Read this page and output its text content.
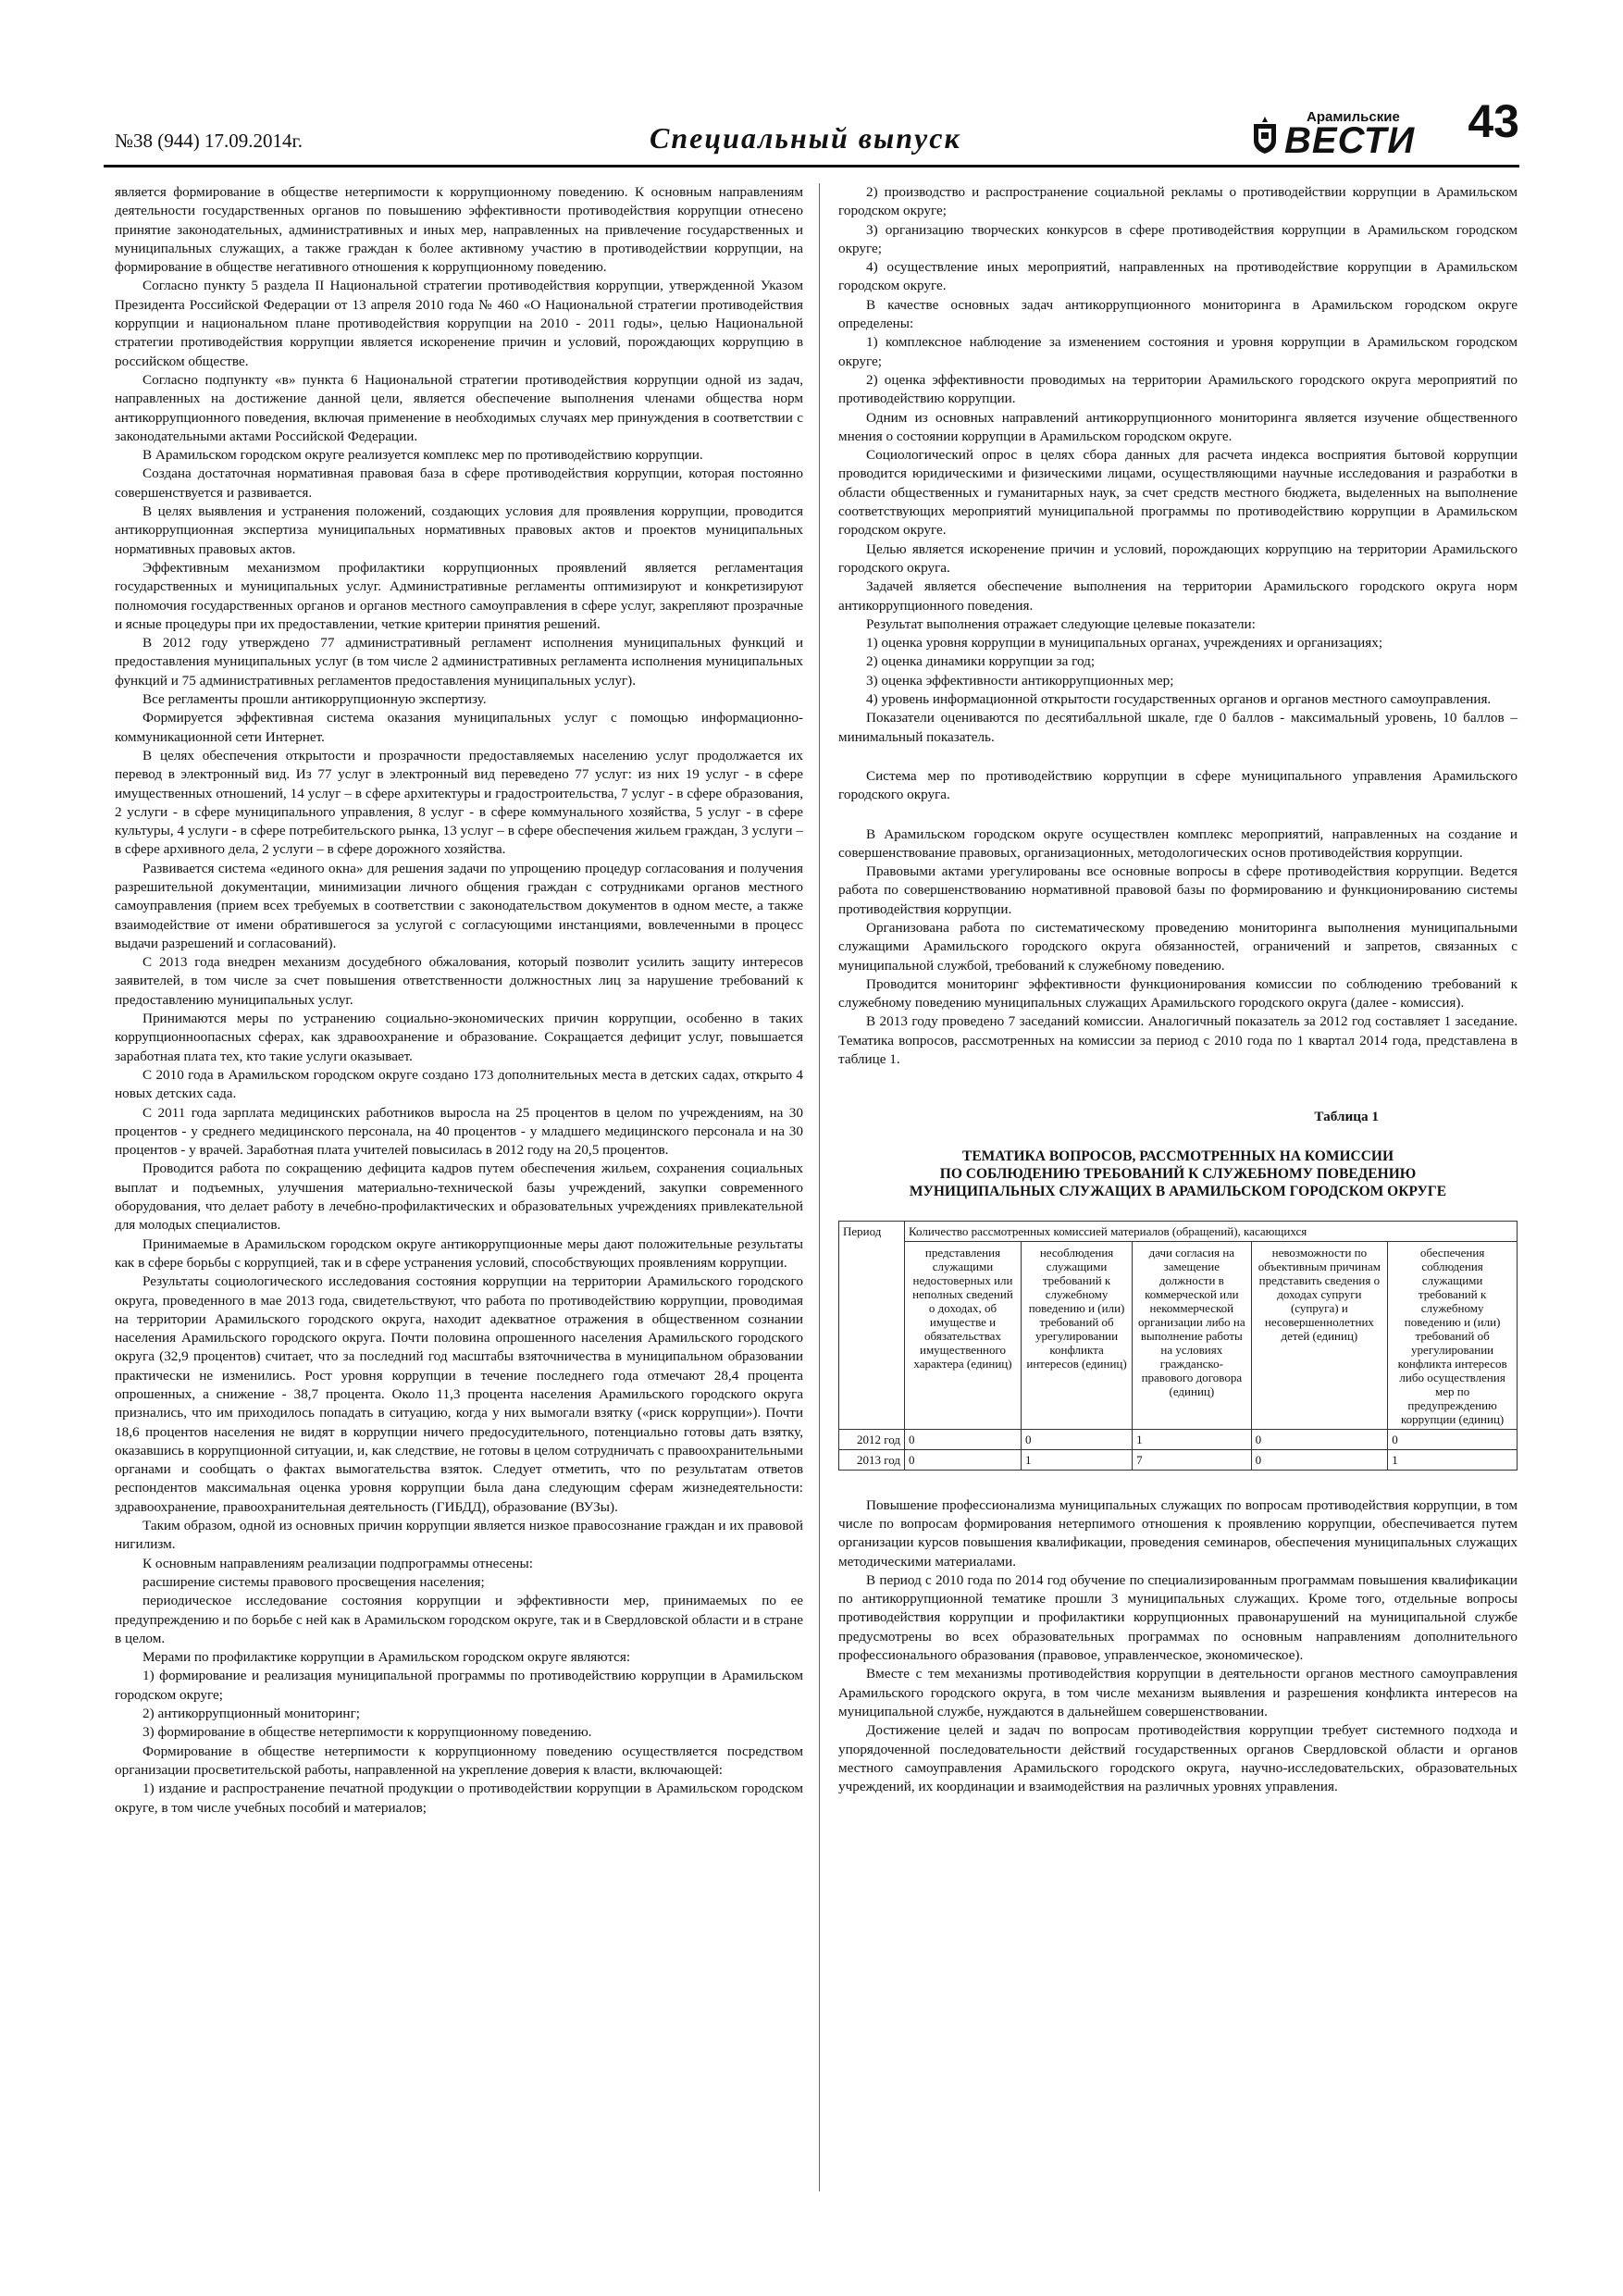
№38 (944) 17.09.2014г.	Специальный выпуск
Арамильские
ВЕСТИ 43

является формирование в обществе нетерпимости к коррупционному поведению. К основным направлениям деятельности государственных органов по повышению эффективности противодействия коррупции отнесено принятие законодательных, административных и иных мер, направленных на привлечение государственных и муниципальных служащих, а также граждан к более активному участию в противодействии коррупции, на формирование в обществе негативного отношения к коррупционному поведению.

Согласно пункту 5 раздела II Национальной стратегии противодействия коррупции, утвержденной Указом Президента Российской Федерации от 13 апреля 2010 года № 460 «О Национальной стратегии противодействия коррупции и национальном плане противодействия коррупции на 2010 - 2011 годы», целью Национальной стратегии противодействия коррупции является искоренение причин и условий, порождающих коррупцию в российском обществе.

Согласно подпункту «в» пункта 6 Национальной стратегии противодействия коррупции одной из задач, направленных на достижение данной цели, является обеспечение выполнения членами общества норм антикоррупционного поведения, включая применение в необходимых случаях мер принуждения в соответствии с законодательными актами Российской Федерации.

В Арамильском городском округе реализуется комплекс мер по противодействию коррупции.

Создана достаточная нормативная правовая база в сфере противодействия коррупции, которая постоянно совершенствуется и развивается.

В целях выявления и устранения положений, создающих условия для проявления коррупции, проводится антикоррупционная экспертиза муниципальных нормативных правовых актов и проектов муниципальных нормативных правовых актов.

Эффективным механизмом профилактики коррупционных проявлений является регламентация государственных и муниципальных услуг. Административные регламенты оптимизируют и конкретизируют полномочия государственных органов и органов местного самоуправления в сфере услуг, закрепляют прозрачные и ясные процедуры при их предоставлении, четкие критерии принятия решений.

В 2012 году утверждено 77 административный регламент исполнения муниципальных функций и предоставления муниципальных услуг (в том числе 2 административных регламента исполнения муниципальных функций и 75 административных регламентов предоставления муниципальных услуг).

Все регламенты прошли антикоррупционную экспертизу.

Формируется эффективная система оказания муниципальных услуг с помощью информационно-коммуникационной сети Интернет.

В целях обеспечения открытости и прозрачности предоставляемых населению услуг продолжается их перевод в электронный вид. Из 77 услуг в электронный вид переведено 77 услуг: из них 19 услуг - в сфере имущественных отношений, 14 услуг – в сфере архитектуры и градостроительства, 7 услуг - в сфере образования, 2 услуги - в сфере муниципального управления, 8 услуг - в сфере коммунального хозяйства, 5 услуг - в сфере культуры, 4 услуги - в сфере потребительского рынка, 13 услуг – в сфере обеспечения жильем граждан, 3 услуги – в сфере архивного дела, 2 услуги – в сфере дорожного хозяйства.

Развивается система «единого окна» для решения задачи по упрощению процедур согласования и получения разрешительной документации, минимизации личного общения граждан с сотрудниками органов местного самоуправления (прием всех требуемых в соответствии с законодательством документов в одном месте, а также взаимодействие от имени обратившегося за услугой с согласующими инстанциями, вовлеченными в процесс выдачи разрешений и согласований).

С 2013 года внедрен механизм досудебного обжалования, который позволит усилить защиту интересов заявителей, в том числе за счет повышения ответственности должностных лиц за нарушение требований к предоставлению муниципальных услуг.

Принимаются меры по устранению социально-экономических причин коррупции, особенно в таких коррупционноопасных сферах, как здравоохранение и образование. Сокращается дефицит услуг, повышается заработная плата тех, кто такие услуги оказывает.

С 2010 года в Арамильском городском округе создано 173 дополнительных места в детских садах, открыто 4 новых детских сада.

С 2011 года зарплата медицинских работников выросла на 25 процентов в целом по учреждениям, на 30 процентов - у среднего медицинского персонала, на 40 процентов - у младшего медицинского персонала и на 30 процентов - у врачей. Заработная плата учителей повысилась в 2012 году на 20,5 процентов.

Проводится работа по сокращению дефицита кадров путем обеспечения жильем, сохранения социальных выплат и подъемных, улучшения материально-технической базы учреждений, закупки современного оборудования, что делает работу в лечебно-профилактических и образовательных учреждениях привлекательной для молодых специалистов.

Принимаемые в Арамильском городском округе антикоррупционные меры дают положительные результаты как в сфере борьбы с коррупцией, так и в сфере устранения условий, способствующих проявлениям коррупции.

Результаты социологического исследования состояния коррупции на территории Арамильского городского округа, проведенного в мае 2013 года, свидетельствуют, что работа по противодействию коррупции, проводимая на территории Арамильского городского округа, находит адекватное отражения в общественном сознании населения Арамильского городского округа. Почти половина опрошенного населения Арамильского городского округа (32,9 процентов) считает, что за последний год масштабы взяточничества в муниципальном образовании практически не изменились. Рост уровня коррупции в течение последнего года отмечают 28,4 процента опрошенных, а снижение - 38,7 процента. Около 11,3 процента населения Арамильского городского округа признались, что им приходилось попадать в ситуацию, когда у них вымогали взятку («риск коррупции»). Почти 18,6 процентов населения не видят в коррупции ничего предосудительного, потенциально готовы дать взятку, оказавшись в коррупционной ситуации, и, как следствие, не готовы в целом сотрудничать с правоохранительными органами и сообщать о фактах вымогательства взяток. Следует отметить, что по результатам ответов респондентов максимальная оценка уровня коррупции была дана следующим сферам жизнедеятельности: здравоохранение, правоохранительная деятельность (ГИБДД), образование (ВУЗы).

Таким образом, одной из основных причин коррупции является низкое правосознание граждан и их правовой нигилизм.

К основным направлениям реализации подпрограммы отнесены:

расширение системы правового просвещения населения;

периодическое исследование состояния коррупции и эффективности мер, принимаемых по ее предупреждению и по борьбе с ней как в Арамильском городском округе, так и в Свердловской области и в стране в целом.

Мерами по профилактике коррупции в Арамильском городском округе являются:

1) формирование и реализация муниципальной программы по противодействию коррупции в Арамильском городском округе;

2) антикоррупционный мониторинг;

3) формирование в обществе нетерпимости к коррупционному поведению.

Формирование в обществе нетерпимости к коррупционному поведению осуществляется посредством организации просветительской работы, направленной на укрепление доверия к власти, включающей:

1) издание и распространение печатной продукции о противодействии коррупции в Арамильском городском округе, в том числе учебных пособий и материалов;

2) производство и распространение социальной рекламы о противодействии коррупции в Арамильском городском округе;

3) организацию творческих конкурсов в сфере противодействия коррупции в Арамильском городском округе;

4) осуществление иных мероприятий, направленных на противодействие коррупции в Арамильском городском округе.

В качестве основных задач антикоррупционного мониторинга в Арамильском городском округе определены:

1) комплексное наблюдение за изменением состояния и уровня коррупции в Арамильском городском округе;

2) оценка эффективности проводимых на территории Арамильского городского округа мероприятий по противодействию коррупции.

Одним из основных направлений антикоррупционного мониторинга является изучение общественного мнения о состоянии коррупции в Арамильском городском округе.

Социологический опрос в целях сбора данных для расчета индекса восприятия бытовой коррупции проводится юридическими и физическими лицами, осуществляющими научные исследования и разработки в области общественных и гуманитарных наук, за счет средств местного бюджета, выделенных на выполнение соответствующих мероприятий муниципальной программы по противодействию коррупции в Арамильском городском округе.

Целью является искоренение причин и условий, порождающих коррупцию на территории Арамильского городского округа.

Задачей является обеспечение выполнения на территории Арамильского городского округа норм антикоррупционного поведения.

Результат выполнения отражает следующие целевые показатели:

1) оценка уровня коррупции в муниципальных органах, учреждениях и организациях;

2) оценка динамики коррупции за год;

3) оценка эффективности антикоррупционных мер;

4) уровень информационной открытости государственных органов и органов местного самоуправления.

Показатели оцениваются по десятибалльной шкале, где 0 баллов - максимальный уровень, 10 баллов – минимальный показатель.

Система мер по противодействию коррупции в сфере муниципального управления Арамильского городского округа.

В Арамильском городском округе осуществлен комплекс мероприятий, направленных на создание и совершенствование правовых, организационных, методологических основ противодействия коррупции.

Правовыми актами урегулированы все основные вопросы в сфере противодействия коррупции. Ведется работа по совершенствованию нормативной правовой базы по формированию и функционированию системы противодействия коррупции.

Организована работа по систематическому проведению мониторинга выполнения муниципальными служащими Арамильского городского округа обязанностей, ограничений и запретов, связанных с муниципальной службой, требований к служебному поведению.

Проводится мониторинг эффективности функционирования комиссии по соблюдению требований к служебному поведению муниципальных служащих Арамильского городского округа (далее - комиссия).

В 2013 году проведено 7 заседаний комиссии. Аналогичный показатель за 2012 год составляет 1 заседание. Тематика вопросов, рассмотренных на комиссии за период с 2010 года по 1 квартал 2014 года, представлена в таблице 1.

Таблица 1
ТЕМАТИКА ВОПРОСОВ, РАССМОТРЕННЫХ НА КОМИССИИ
ПО СОБЛЮДЕНИЮ ТРЕБОВАНИЙ К СЛУЖЕБНОМУ ПОВЕДЕНИЮ
МУНИЦИПАЛЬНЫХ СЛУЖАЩИХ В АРАМИЛЬСКОМ ГОРОДСКОМ ОКРУГЕ
Период	Количество рассмотренных комиссией материалов (обращений), касающихся				
	представления служащими недостоверных или неполных сведений о доходах, об имуществе и обязательствах имущественного характера (единиц)	несоблюдения служащими требований к служебному поведению и (или) требований об урегулировании конфликта интересов (единиц)	дачи согласия на замещение должности в коммерческой или некоммерческой организации либо на выполнение работы на условиях гражданско-правового договора (единиц)	невозможности по объективным причинам представить сведения о доходах супруги (супруга) и несовершеннолетних детей (единиц)	обеспечения соблюдения служащими требований к служебному поведению и (или) требований об урегулировании конфликта интересов либо осуществления мер по предупреждению коррупции (единиц)
2012 год	0	0	1	0	0
2013 год	0	1	7	0	1

Повышение профессионализма муниципальных служащих по вопросам противодействия коррупции, в том числе по вопросам формирования нетерпимого отношения к проявлению коррупции, обеспечивается путем организации курсов повышения квалификации, проведения семинаров, обеспечения муниципальных служащих методическими материалами.

В период с 2010 года по 2014 год обучение по специализированным программам повышения квалификации по антикоррупционной тематике прошли 3 муниципальных служащих. Кроме того, отдельные вопросы противодействия коррупции и профилактики коррупционных правонарушений на муниципальной службе предусмотрены во всех образовательных программах по основным направлениям дополнительного профессионального образования (правовое, управленческое, экономическое).

Вместе с тем механизмы противодействия коррупции в деятельности органов местного самоуправления Арамильского городского округа, в том числе механизм выявления и разрешения конфликта интересов на муниципальной службе, нуждаются в дальнейшем совершенствовании.

Достижение целей и задач по вопросам противодействия коррупции требует системного подхода и упорядоченной последовательности действий государственных органов Свердловской области и органов местного самоуправления Арамильского городского округа, научно-исследовательских, образовательных учреждений, их координации и взаимодействия на различных уровнях управления.
